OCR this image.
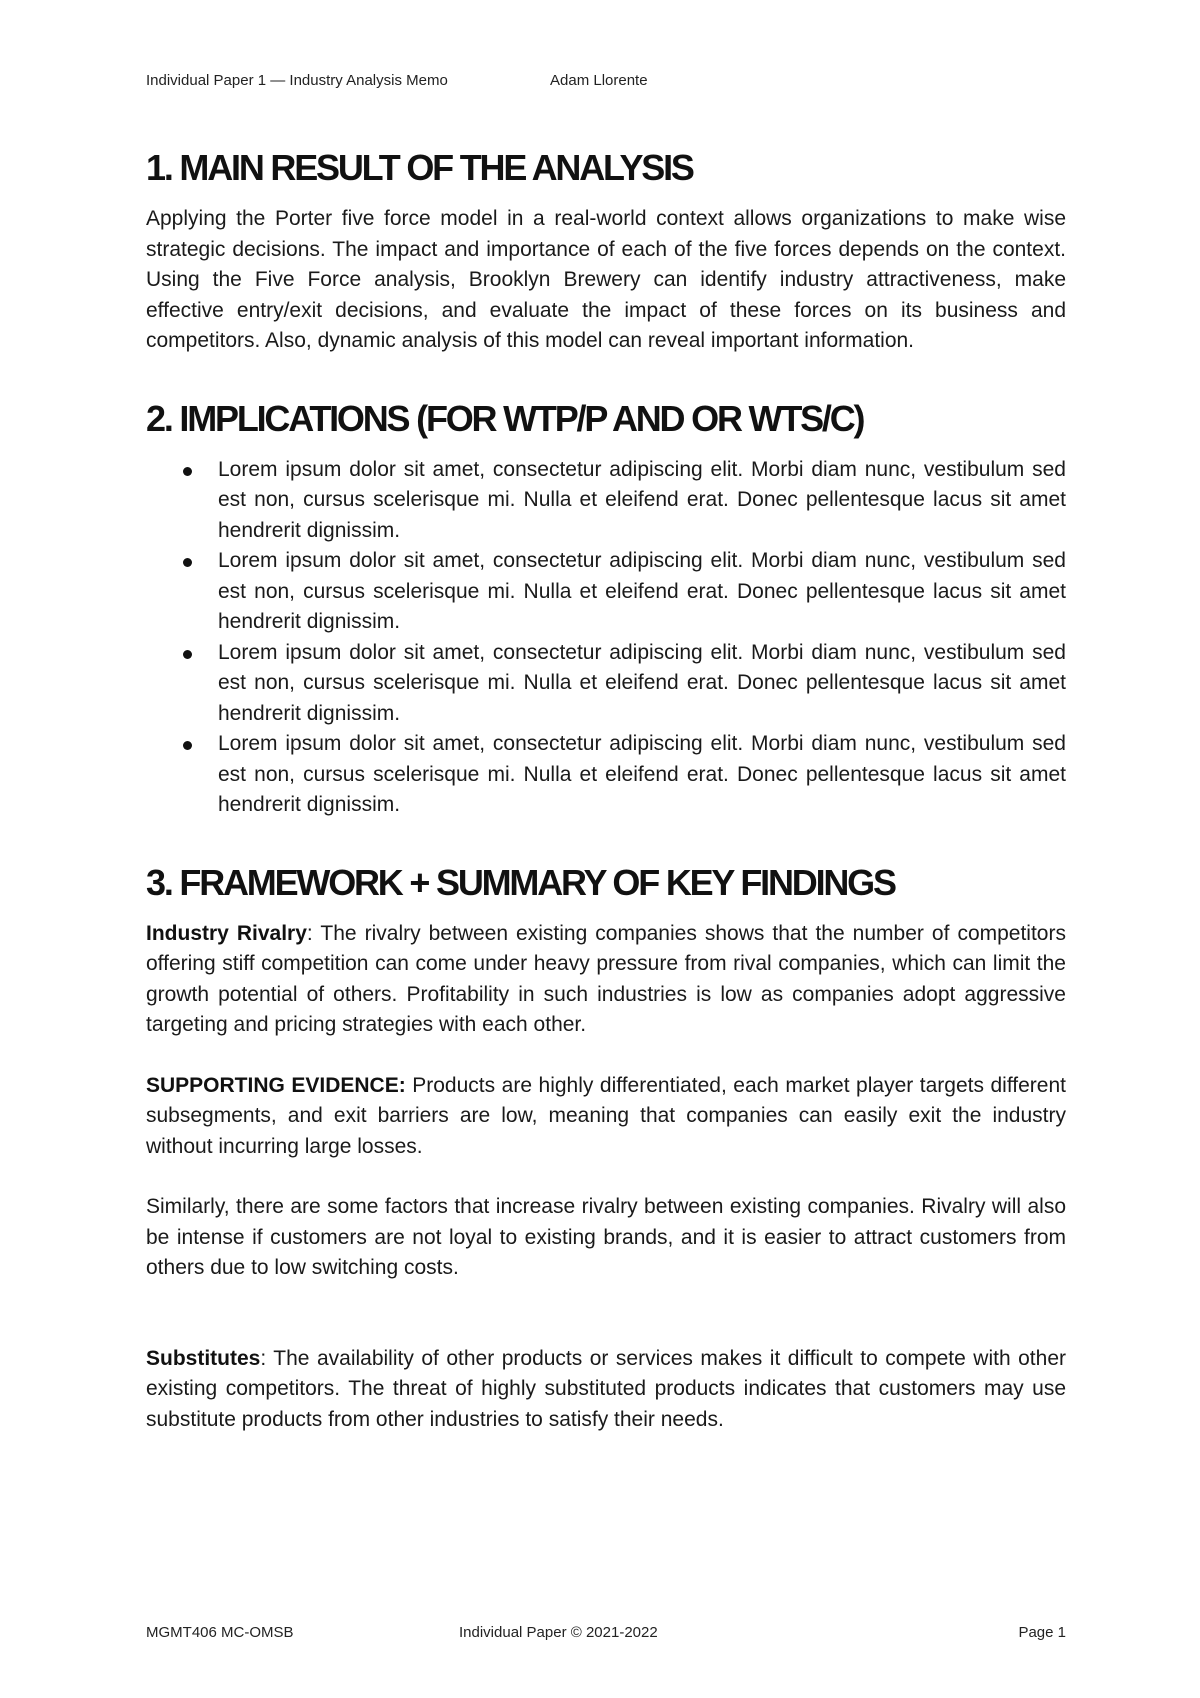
Individual Paper 1 — Industry Analysis Memo	Adam Llorente
1. MAIN RESULT OF THE ANALYSIS

Applying the Porter five force model in a real-world context allows organizations to make wise strategic decisions. The impact and importance of each of the five forces depends on the context. Using the Five Force analysis, Brooklyn Brewery can identify industry attractiveness, make effective entry/exit decisions, and evaluate the impact of these forces on its business and competitors. Also, dynamic analysis of this model can reveal important information.

2. IMPLICATIONS (FOR WTP/P AND OR WTS/C)
Lorem ipsum dolor sit amet, consectetur adipiscing elit. Morbi diam nunc, vestibulum sed est non, cursus scelerisque mi. Nulla et eleifend erat. Donec pellentesque lacus sit amet hendrerit dignissim.
Lorem ipsum dolor sit amet, consectetur adipiscing elit. Morbi diam nunc, vestibulum sed est non, cursus scelerisque mi. Nulla et eleifend erat. Donec pellentesque lacus sit amet hendrerit dignissim.
Lorem ipsum dolor sit amet, consectetur adipiscing elit. Morbi diam nunc, vestibulum sed est non, cursus scelerisque mi. Nulla et eleifend erat. Donec pellentesque lacus sit amet hendrerit dignissim.
Lorem ipsum dolor sit amet, consectetur adipiscing elit. Morbi diam nunc, vestibulum sed est non, cursus scelerisque mi. Nulla et eleifend erat. Donec pellentesque lacus sit amet hendrerit dignissim.
3. FRAMEWORK + SUMMARY OF KEY FINDINGS

Industry Rivalry: The rivalry between existing companies shows that the number of competitors offering stiff competition can come under heavy pressure from rival companies, which can limit the growth potential of others. Profitability in such industries is low as companies adopt aggressive targeting and pricing strategies with each other.

SUPPORTING EVIDENCE: Products are highly differentiated, each market player targets different subsegments, and exit barriers are low, meaning that companies can easily exit the industry without incurring large losses.

Similarly, there are some factors that increase rivalry between existing companies. Rivalry will also be intense if customers are not loyal to existing brands, and it is easier to attract customers from others due to low switching costs.

Substitutes: The availability of other products or services makes it difficult to compete with other existing competitors. The threat of highly substituted products indicates that customers may use substitute products from other industries to satisfy their needs.

MGMT406 MC-OMSB	Individual Paper © 2021-2022	Page 1
